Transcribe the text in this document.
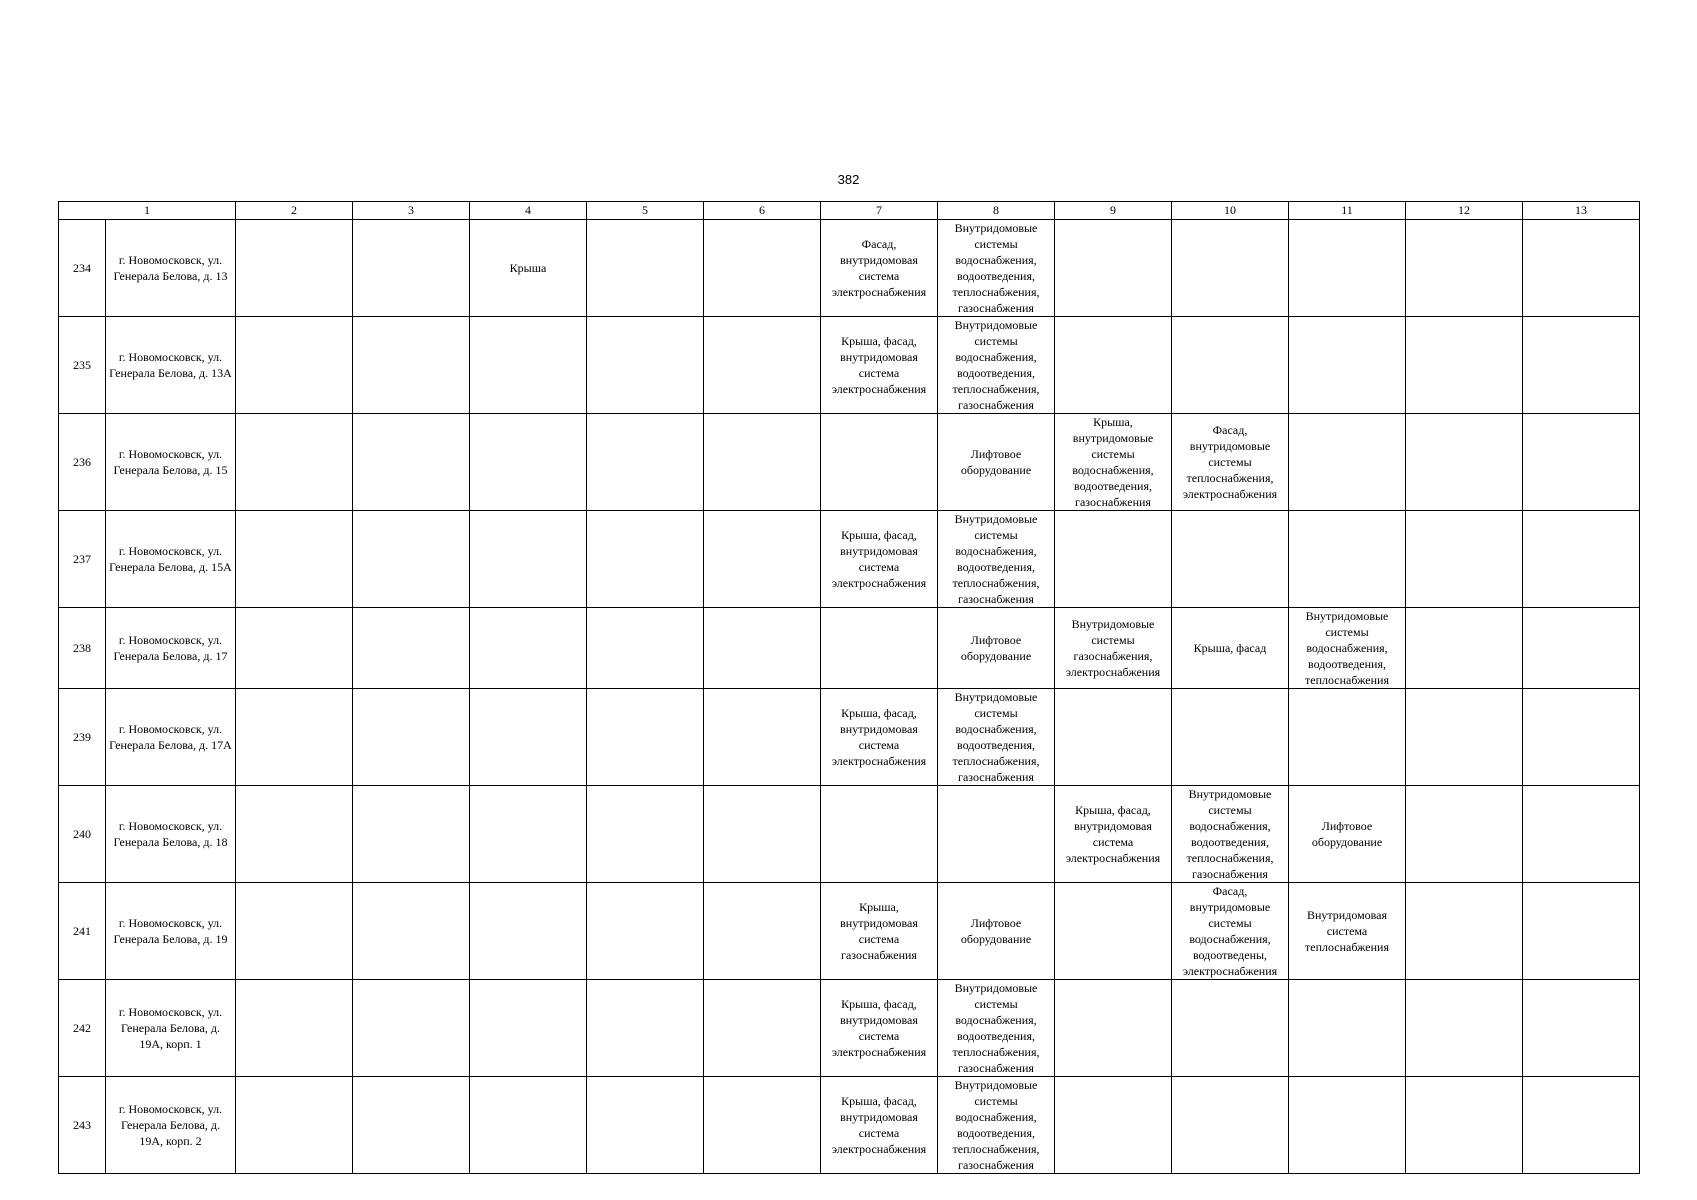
382
1		2	3	4	5	6	7	8	9	10	11	12	13
234	г. Новомосковск, ул. Генерала Белова, д. 13			Крыша			Фасад, внутридомовая система электроснабжения	Внутридомовые системы водоснабжения, водоотведения, теплоснабжения, газоснабжения					
235	г. Новомосковск, ул. Генерала Белова, д. 13А						Крыша, фасад, внутридомовая система электроснабжения	Внутридомовые системы водоснабжения, водоотведения, теплоснабжения, газоснабжения					
236	г. Новомосковск, ул. Генерала Белова, д. 15							Лифтовое оборудование	Крыша, внутридомовые системы водоснабжения, водоотведения, газоснабжения	Фасад, внутридомовые системы теплоснабжения, электроснабжения			
237	г. Новомосковск, ул. Генерала Белова, д. 15А						Крыша, фасад, внутридомовая система электроснабжения	Внутридомовые системы водоснабжения, водоотведения, теплоснабжения, газоснабжения					
238	г. Новомосковск, ул. Генерала Белова, д. 17							Лифтовое оборудование	Внутридомовые системы газоснабжения, электроснабжения	Крыша, фасад	Внутридомовые системы водоснабжения, водоотведения, теплоснабжения		
239	г. Новомосковск, ул. Генерала Белова, д. 17А						Крыша, фасад, внутридомовая система электроснабжения	Внутридомовые системы водоснабжения, водоотведения, теплоснабжения, газоснабжения					
240	г. Новомосковск, ул. Генерала Белова, д. 18								Крыша, фасад, внутридомовая система электроснабжения	Внутридомовые системы водоснабжения, водоотведения, теплоснабжения, газоснабжения	Лифтовое оборудование		
241	г. Новомосковск, ул. Генерала Белова, д. 19						Крыша, внутридомовая система газоснабжения	Лифтовое оборудование		Фасад, внутридомовые системы водоснабжения, водоотведены, электроснабжения	Внутридомовая система теплоснабжения		
242	г. Новомосковск, ул. Генерала Белова, д. 19А, корп. 1						Крыша, фасад, внутридомовая система электроснабжения	Внутридомовые системы водоснабжения, водоотведения, теплоснабжения, газоснабжения					
243	г. Новомосковск, ул. Генерала Белова, д. 19А, корп. 2						Крыша, фасад, внутридомовая система электроснабжения	Внутридомовые системы водоснабжения, водоотведения, теплоснабжения, газоснабжения					
